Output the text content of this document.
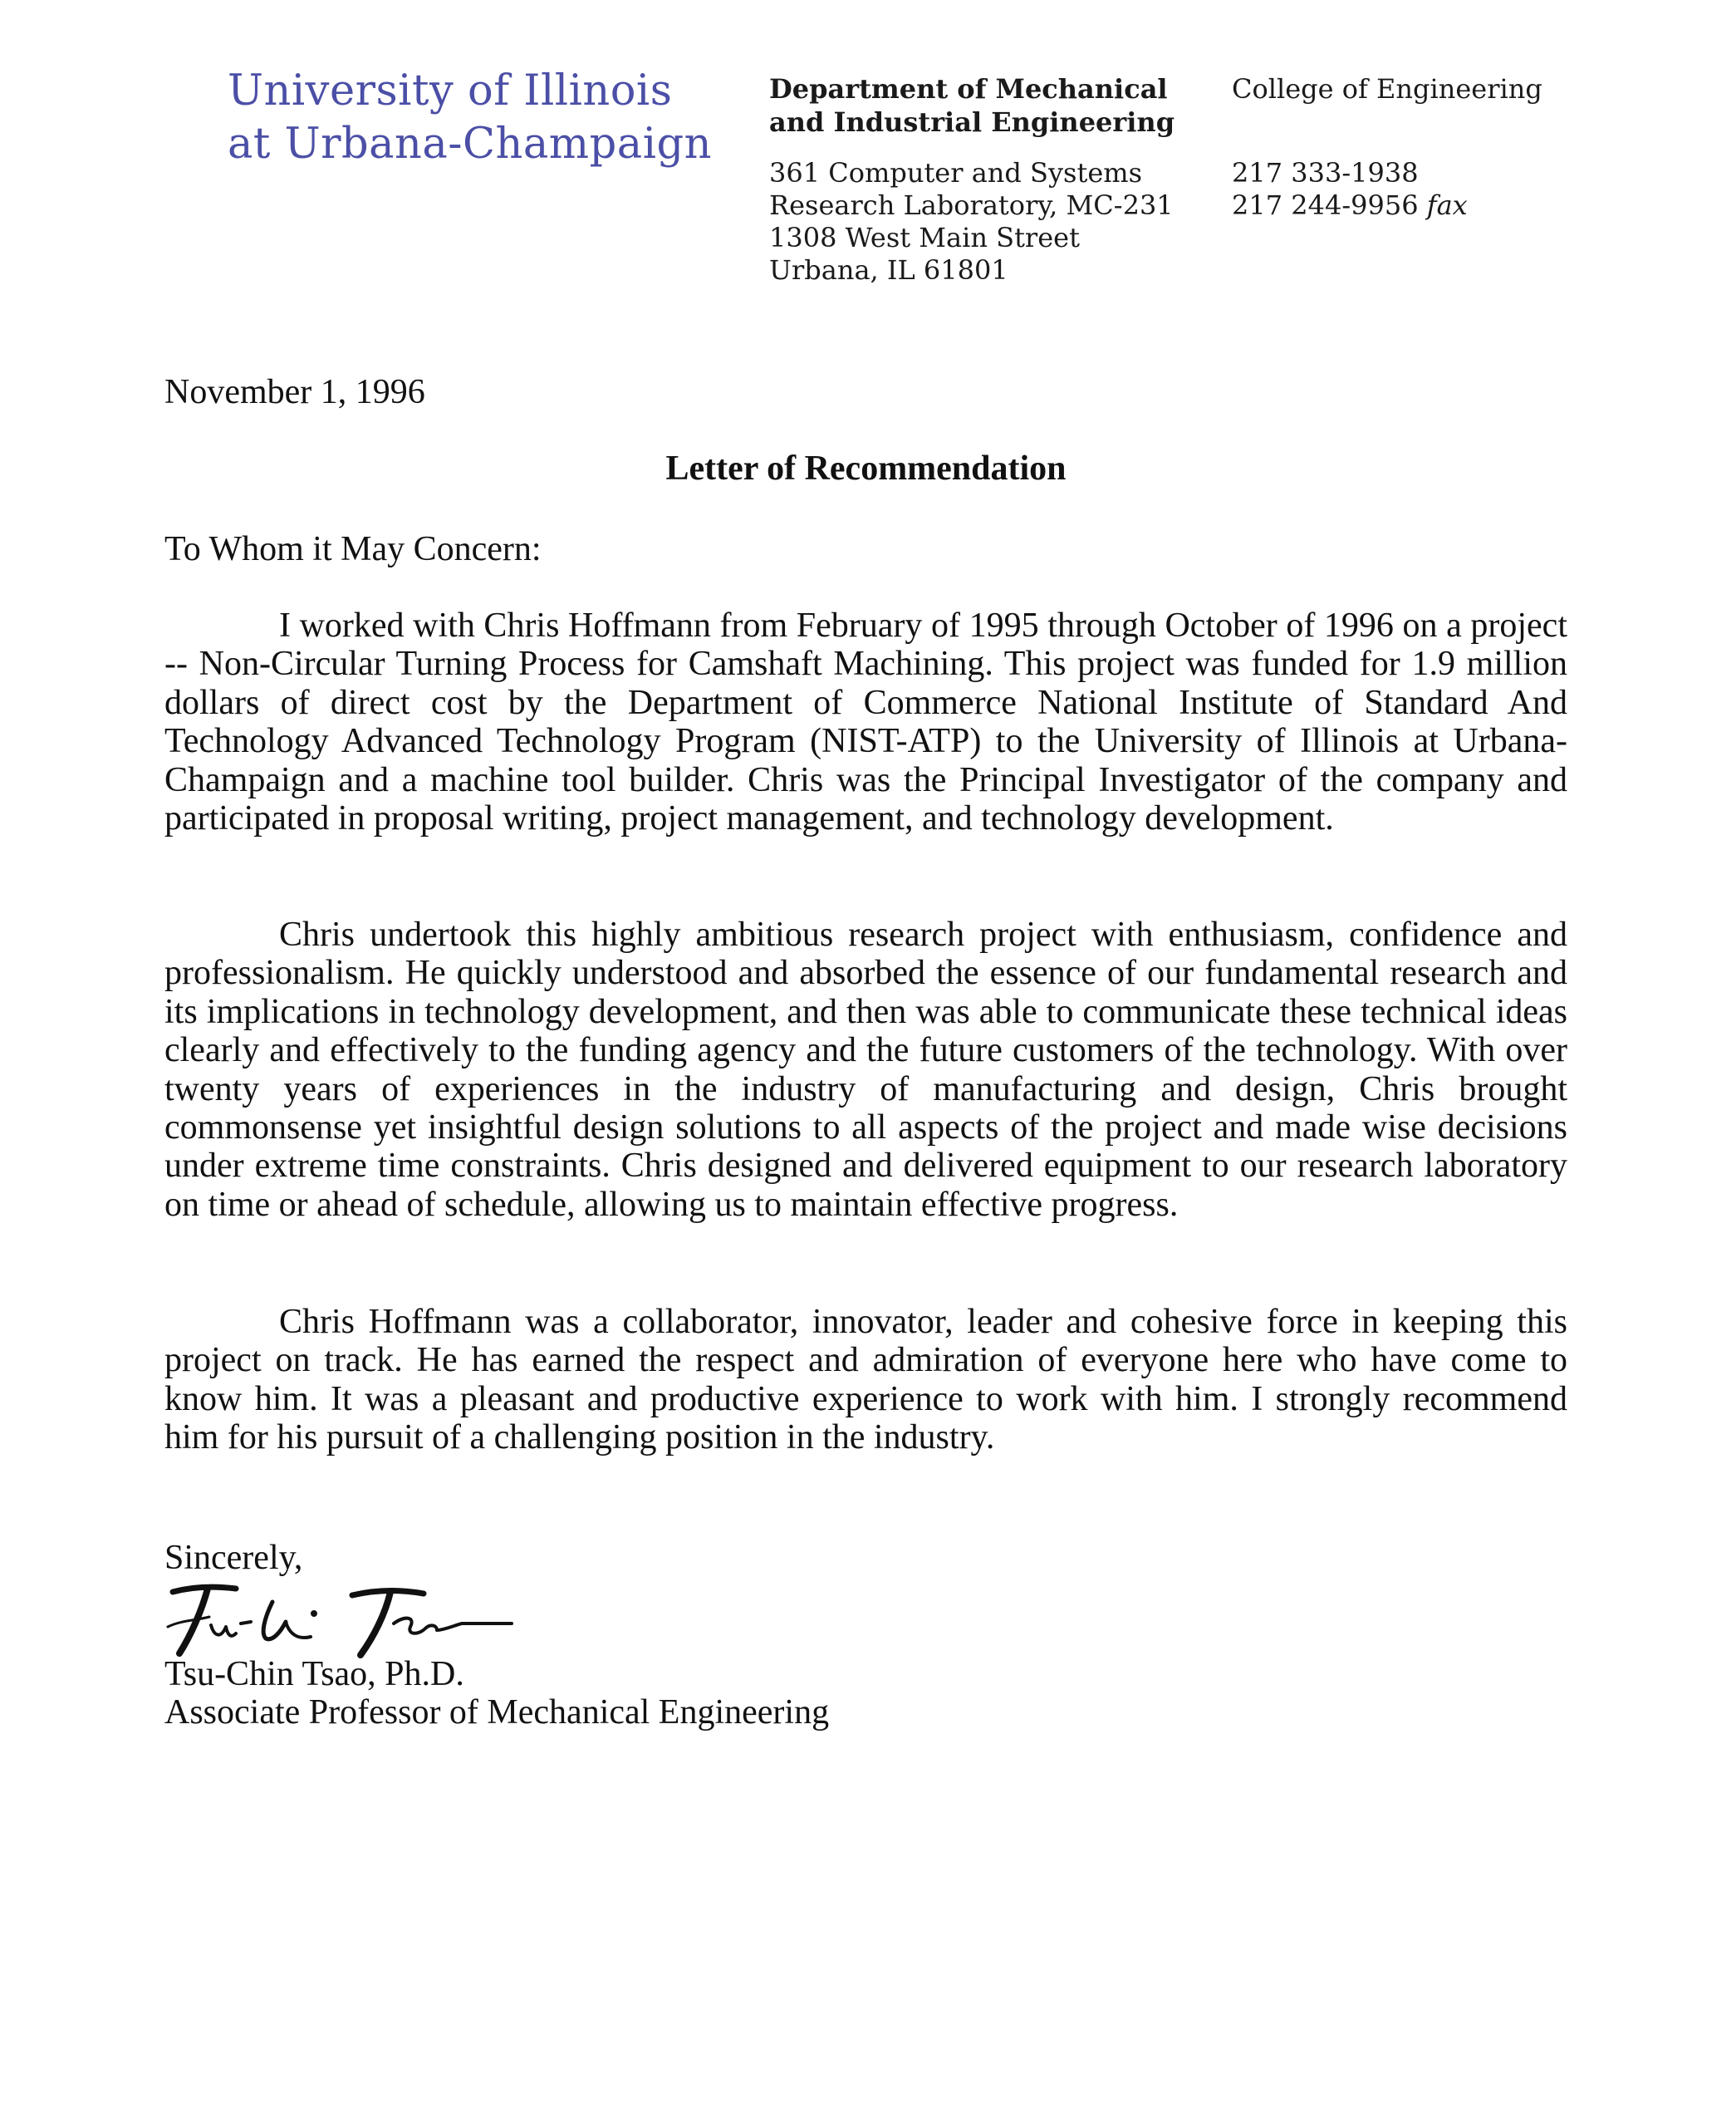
University of Illinois
at Urbana-Champaign
Department of Mechanical
and Industrial Engineering
361 Computer and Systems
Research Laboratory, MC-231
1308 West Main Street
Urbana, IL 61801
College of Engineering
217 333-1938
217 244-9956 fax
November 1, 1996
Letter of Recommendation
To Whom it May Concern:

I worked with Chris Hoffmann from February of 1995 through October of 1996 on a project -- Non-Circular Turning Process for Camshaft Machining. This project was funded for 1.9 million dollars of direct cost by the Department of Commerce National Institute of Standard And Technology Advanced Technology Program (NIST-ATP) to the University of Illinois at Urbana-Champaign and a machine tool builder. Chris was the Principal Investigator of the company and participated in proposal writing, project management, and technology development.

Chris undertook this highly ambitious research project with enthusiasm, confidence and professionalism. He quickly understood and absorbed the essence of our fundamental research and its implications in technology development, and then was able to communicate these technical ideas clearly and effectively to the funding agency and the future customers of the technology. With over twenty years of experiences in the industry of manufacturing and design, Chris brought commonsense yet insightful design solutions to all aspects of the project and made wise decisions under extreme time constraints. Chris designed and delivered equipment to our research laboratory on time or ahead of schedule, allowing us to maintain effective progress.

Chris Hoffmann was a collaborator, innovator, leader and cohesive force in keeping this project on track. He has earned the respect and admiration of everyone here who have come to know him. It was a pleasant and productive experience to work with him. I strongly recommend him for his pursuit of a challenging position in the industry.

Sincerely,
Tsu-Chin Tsao, Ph.D.
Associate Professor of Mechanical Engineering
